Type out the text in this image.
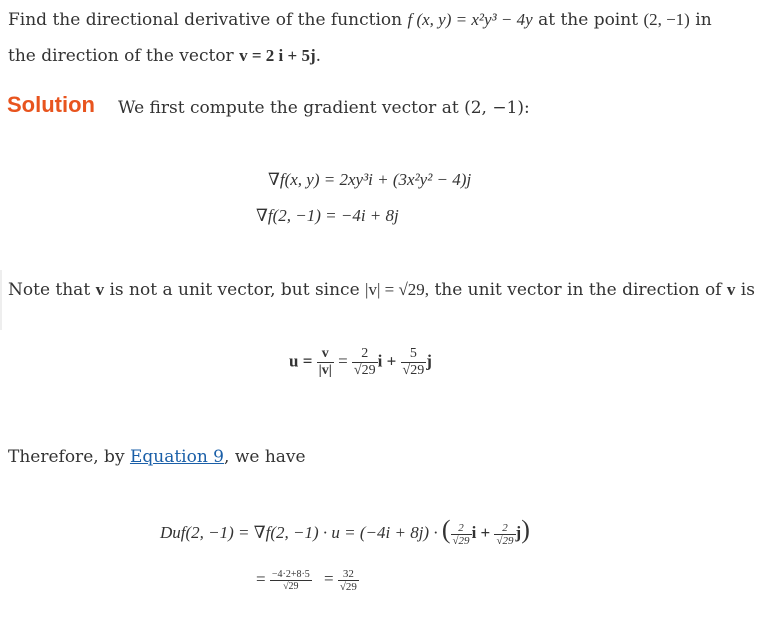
Find the directional derivative of the function f (x, y) = x²y³ − 4y at the point (2, −1) in
the direction of the vector v = 2 i + 5j.
Solution We first compute the gradient vector at (2, −1):
∇f(x, y) = 2xy³i + (3x²y² − 4)j
∇f(2, −1) = −4i + 8j
Note that v is not a unit vector, but since |v| = √29, the unit vector in the direction of v is
$u = \frac{v}{|v|} = \frac{2}{√29}$ $i + \frac{5}{√29}$ j
Therefore, by Equation 9, we have
Duf(2, −1) = ∇f(2, −1) · u = (−4i + 8j) · ( $\frac{2}{√29}$ $i + \frac{2}{√29} j$)
= $\frac{-4\cdot 2+8\cdot 5}{√29} = \frac{32}{√29}$
